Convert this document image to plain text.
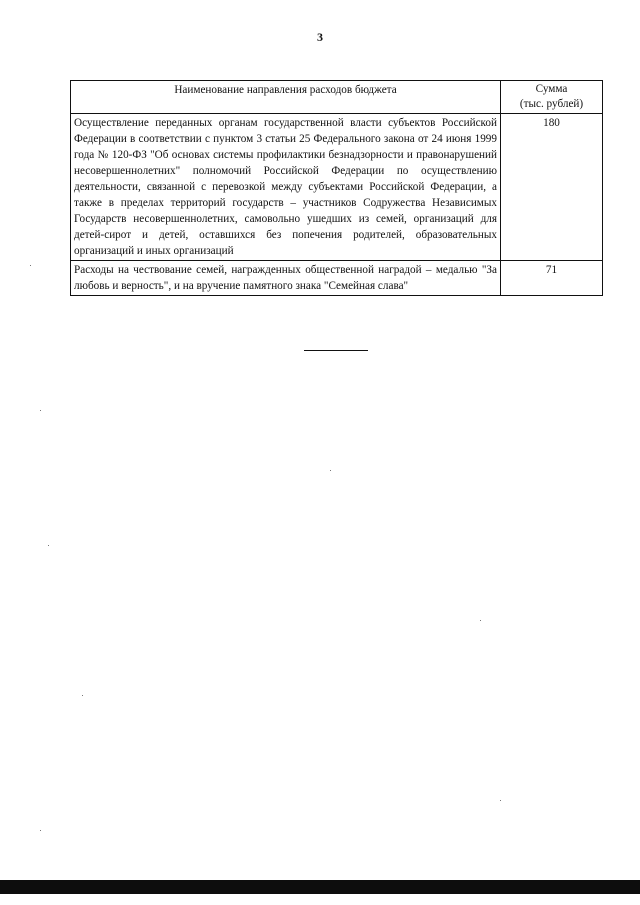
3
Наименование направления расходов бюджета	Сумма
(тыс. рублей)

Осуществление переданных органам государственной власти субъектов Российской Федерации в соответствии с пунктом 3 статьи 25 Федерального закона от 24 июня 1999 года № 120-ФЗ "Об основах системы профилактики безнадзорности и правонарушений несовершеннолетних" полномочий Российской Федерации по осуществлению деятельности, связанной с перевозкой между субъектами Российской Федерации, а также в пределах территорий государств – участников Содружества Независимых Государств несовершеннолетних, самовольно ушедших из семей, организаций для детей-сирот и детей, оставшихся без попечения родителей, образовательных организаций и иных организаций	180
Расходы на чествование семей, награжденных общественной наградой – медалью "За любовь и верность", и на вручение памятного знака "Семейная слава"	71
